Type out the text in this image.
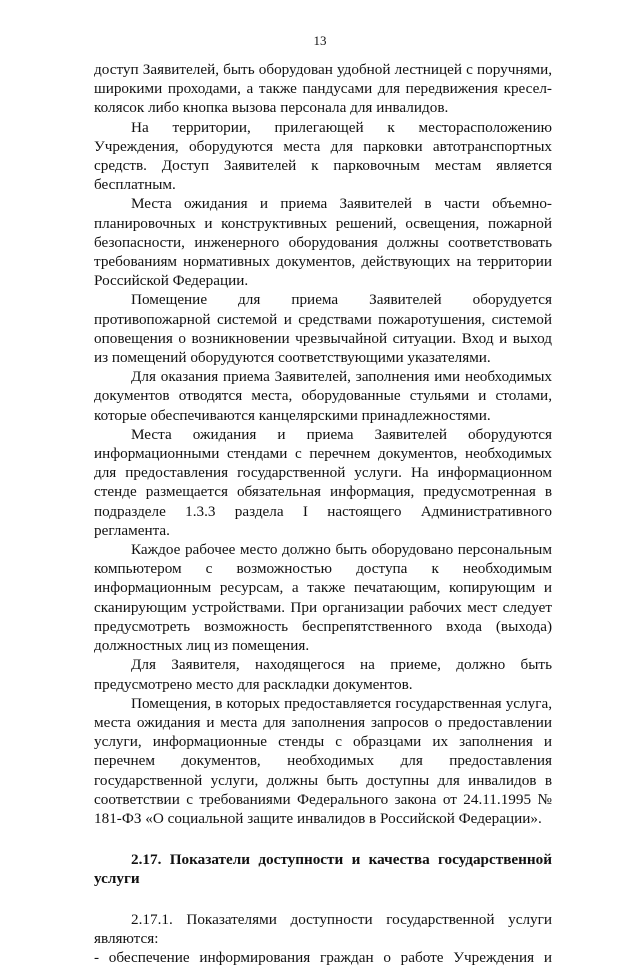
13

доступ Заявителей, быть оборудован удобной лестницей с поручнями, широкими проходами, а также пандусами для передвижения кресел-колясок либо кнопка вызова персонала для инвалидов.

На территории, прилегающей к месторасположению Учреждения, оборудуются места для парковки автотранспортных средств. Доступ Заявителей к парковочным местам является бесплатным.

Места ожидания и приема Заявителей в части объемно-планировочных и конструктивных решений, освещения, пожарной безопасности, инженерного оборудования должны соответствовать требованиям нормативных документов, действующих на территории Российской Федерации.

Помещение для приема Заявителей оборудуется противопожарной системой и средствами пожаротушения, системой оповещения о возникновении чрезвычайной ситуации. Вход и выход из помещений оборудуются соответствующими указателями.

Для оказания приема Заявителей, заполнения ими необходимых документов отводятся места, оборудованные стульями и столами, которые обеспечиваются канцелярскими принадлежностями.

Места ожидания и приема Заявителей оборудуются информационными стендами с перечнем документов, необходимых для предоставления государственной услуги. На информационном стенде размещается обязательная информация, предусмотренная в подразделе 1.3.3 раздела I настоящего Административного регламента.

Каждое рабочее место должно быть оборудовано персональным компьютером с возможностью доступа к необходимым информационным ресурсам, а также печатающим, копирующим и сканирующим устройствами. При организации рабочих мест следует предусмотреть возможность беспрепятственного входа (выхода) должностных лиц из помещения.

Для Заявителя, находящегося на приеме, должно быть предусмотрено место для раскладки документов.

Помещения, в которых предоставляется государственная услуга, места ожидания и места для заполнения запросов о предоставлении услуги, информационные стенды с образцами их заполнения и перечнем документов, необходимых для предоставления государственной услуги, должны быть доступны для инвалидов в соответствии с требованиями Федерального закона от 24.11.1995 № 181-ФЗ «О социальной защите инвалидов в Российской Федерации».

2.17. Показатели доступности и качества государственной услуги

2.17.1. Показателями доступности государственной услуги являются:

- обеспечение информирования граждан о работе Учреждения и
